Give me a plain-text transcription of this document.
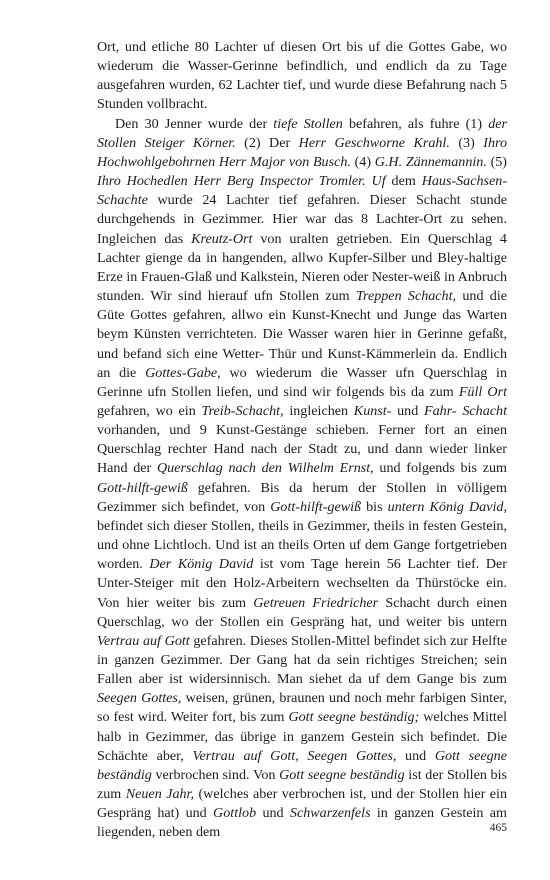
Ort, und etliche 80 Lachter uf diesen Ort bis uf die Gottes Gabe, wo wiederum die Wasser-Gerinne befindlich, und endlich da zu Tage ausgefahren wurden, 62 Lachter tief, und wurde diese Befahrung nach 5 Stunden vollbracht.

Den 30 Jenner wurde der tiefe Stollen befahren, als fuhre (1) der Stollen Steiger Körner. (2) Der Herr Geschworne Krahl. (3) Ihro Hochwohlgebohrnen Herr Major von Busch. (4) G.H. Zännemannin. (5) Ihro Hochedlen Herr Berg Inspector Tromler. Uf dem Haus-Sachsen-Schachte wurde 24 Lachter tief gefahren. Dieser Schacht stunde durchgehends in Gezimmer. Hier war das 8 Lachter-Ort zu sehen. Ingleichen das Kreutz-Ort von uralten getrieben. Ein Querschlag 4 Lachter gienge da in hangenden, allwo Kupfer-Silber und Bley-haltige Erze in Frauen-Glaß und Kalkstein, Nieren oder Nester-weiß in Anbruch stunden. Wir sind hierauf ufn Stollen zum Treppen Schacht, und die Güte Gottes gefahren, allwo ein Kunst-Knecht und Junge das Warten beym Künsten verrichteten. Die Wasser waren hier in Gerinne gefaßt, und befand sich eine Wetter- Thür und Kunst-Kämmerlein da. Endlich an die Gottes-Gabe, wo wiederum die Wasser ufn Querschlag in Gerinne ufn Stollen liefen, und sind wir folgends bis da zum Füll Ort gefahren, wo ein Treib-Schacht, ingleichen Kunst- und Fahr- Schacht vorhanden, und 9 Kunst-Gestänge schieben. Ferner fort an einen Querschlag rechter Hand nach der Stadt zu, und dann wieder linker Hand der Querschlag nach den Wilhelm Ernst, und folgends bis zum Gott-hilft-gewiß gefahren. Bis da herum der Stollen in völligem Gezimmer sich befindet, von Gott-hilft-gewiß bis untern König David, befindet sich dieser Stollen, theils in Gezimmer, theils in festen Gestein, und ohne Lichtloch. Und ist an theils Orten uf dem Gange fortgetrieben worden. Der König David ist vom Tage herein 56 Lachter tief. Der Unter-Steiger mit den Holz-Arbeitern wechselten da Thürstöcke ein. Von hier weiter bis zum Getreuen Friedricher Schacht durch einen Querschlag, wo der Stollen ein Gespräng hat, und weiter bis untern Vertrau auf Gott gefahren. Dieses Stollen-Mittel befindet sich zur Helfte in ganzen Gezimmer. Der Gang hat da sein richtiges Streichen; sein Fallen aber ist widersinnisch. Man siehet da uf dem Gange bis zum Seegen Gottes, weisen, grünen, braunen und noch mehr farbigen Sinter, so fest wird. Weiter fort, bis zum Gott seegne beständig; welches Mittel halb in Gezimmer, das übrige in ganzem Gestein sich befindet. Die Schächte aber, Vertrau auf Gott, Seegen Gottes, und Gott seegne beständig verbrochen sind. Von Gott seegne beständig ist der Stollen bis zum Neuen Jahr, (welches aber verbrochen ist, und der Stollen hier ein Gespräng hat) und Gottlob und Schwarzenfels in ganzen Gestein am liegenden, neben dem	465
